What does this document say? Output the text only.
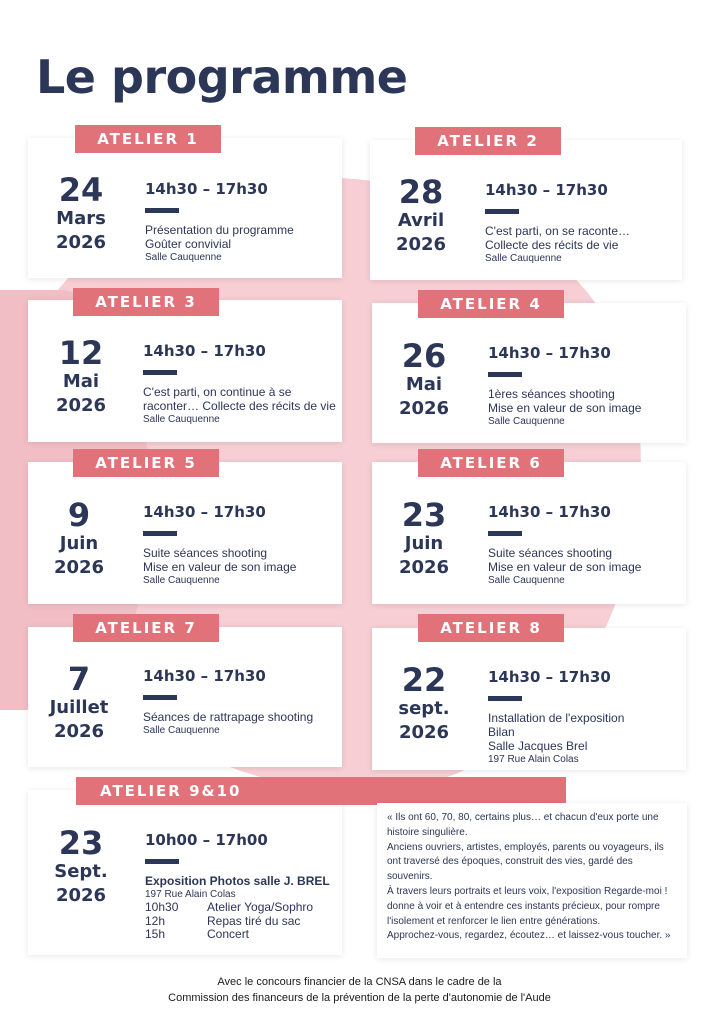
Le programme
ATELIER 1
24
Mars
2026
14h30 – 17h30
Présentation du programme
Goûter convivial
Salle Cauquenne
ATELIER 2
28
Avril
2026
14h30 – 17h30
C'est parti, on se raconte…
Collecte des récits de vie
Salle Cauquenne
ATELIER 3
12
Mai
2026
14h30 – 17h30
C'est parti, on continue à se
raconter… Collecte des récits de vie
Salle Cauquenne
ATELIER 4
26
Mai
2026
14h30 – 17h30
1ères séances shooting
Mise en valeur de son image
Salle Cauquenne
ATELIER 5
9
Juin
2026
14h30 – 17h30
Suite séances shooting
Mise en valeur de son image
Salle Cauquenne
ATELIER 6
23
Juin
2026
14h30 – 17h30
Suite séances shooting
Mise en valeur de son image
Salle Cauquenne
ATELIER 7
7
Juillet
2026
14h30 – 17h30
Séances de rattrapage shooting
Salle Cauquenne
ATELIER 8
22
sept.
2026
14h30 – 17h30
Installation de l'exposition
Bilan
Salle Jacques Brel
197 Rue Alain Colas
ATELIER 9&10
23
Sept.
2026
10h00 – 17h00
Exposition Photos salle J. BREL
197 Rue Alain Colas
10h30 Atelier Yoga/Sophro
12h	Repas tiré du sac
15h	Concert

« Ils ont 60, 70, 80, certains plus… et chacun d'eux porte une histoire singulière.

Anciens ouvriers, artistes, employés, parents ou voyageurs, ils ont traversé des époques, construit des vies, gardé des souvenirs.

À travers leurs portraits et leurs voix, l'exposition Regarde-moi ! donne à voir et à entendre ces instants précieux, pour rompre l'isolement et renforcer le lien entre générations.

Approchez-vous, regardez, écoutez… et laissez-vous toucher. »

Avec le concours financier de la CNSA dans le cadre de la
Commission des financeurs de la prévention de la perte d'autonomie de l'Aude
